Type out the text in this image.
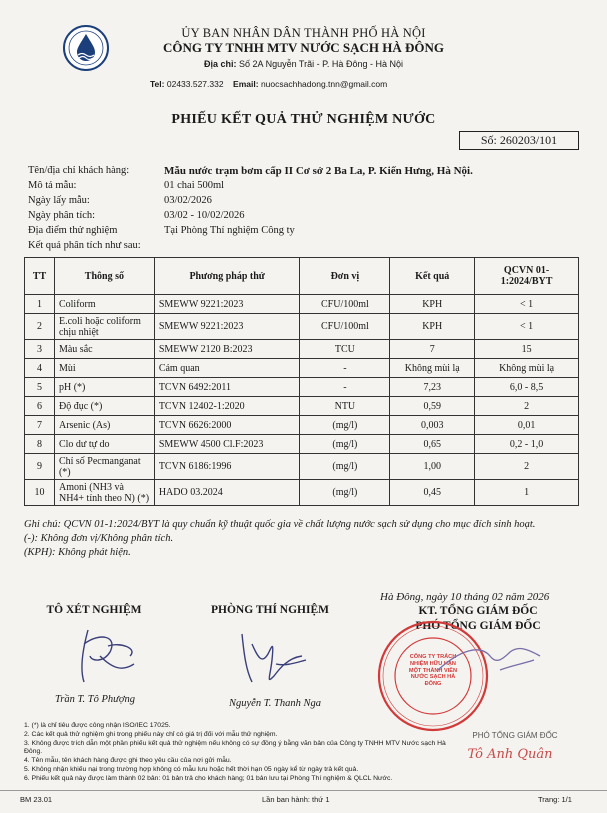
ỦY BAN NHÂN DÂN THÀNH PHỐ HÀ NỘI
CÔNG TY TNHH MTV NƯỚC SẠCH HÀ ĐÔNG
Địa chỉ: Số 2A Nguyễn Trãi - P. Hà Đông - Hà Nội
Tel: 02433.527.332 Email: nuocsachhadong.tnn@gmail.com
PHIẾU KẾT QUẢ THỬ NGHIỆM NƯỚC
Số: 260203/101
Tên/địa chỉ khách hàng:	Mẫu nước trạm bơm cấp II Cơ sở 2 Ba La, P. Kiến Hưng, Hà Nội.
Mô tả mẫu:	01 chai 500ml
Ngày lấy mẫu:	03/02/2026
Ngày phân tích:	03/02 - 10/02/2026
Địa điểm thử nghiệm	Tại Phòng Thí nghiệm Công ty
Kết quả phân tích như sau:
TT	Thông số	Phương pháp thử	Đơn vị	Kết quả	QCVN 01-1:2024/BYT
1	Coliform	SMEWW 9221:2023	CFU/100ml	KPH	< 1
2	E.coli hoặc coliform chịu nhiệt	SMEWW 9221:2023	CFU/100ml	KPH	< 1
3	Màu sắc	SMEWW 2120 B:2023	TCU	7	15
4	Mùi	Cảm quan	-	Không mùi lạ	Không mùi lạ
5	pH (*)	TCVN 6492:2011	-	7,23	6,0 - 8,5
6	Độ đục (*)	TCVN 12402-1:2020	NTU	0,59	2
7	Arsenic (As)	TCVN 6626:2000	(mg/l)	0,003	0,01
8	Clo dư tự do	SMEWW 4500 Cl.F:2023	(mg/l)	0,65	0,2 - 1,0
9	Chỉ số Pecmanganat (*)	TCVN 6186:1996	(mg/l)	1,00	2
10	Amoni (NH3 và NH4+ tính theo N) (*)	HADO 03.2024	(mg/l)	0,45	1
Ghi chú: QCVN 01-1:2024/BYT là quy chuẩn kỹ thuật quốc gia về chất lượng nước sạch sử dụng cho mục đích sinh hoạt.
(-): Không đơn vị/Không phân tích.
(KPH): Không phát hiện.
Hà Đông, ngày 10 tháng 02 năm 2026
TÔ XÉT NGHIỆM	PHÒNG THÍ NGHIỆM	KT. TỔNG GIÁM ĐỐC
PHÓ TỔNG GIÁM ĐỐC
CÔNG TY TRÁCH NHIỆM HỮU HẠN MỘT THÀNH VIÊN NƯỚC SẠCH HÀ ĐÔNG
Trần T. Tô Phượng	Nguyễn T. Thanh Nga
PHÓ TỔNG GIÁM ĐỐC
Tô Anh Quân
1. (*) là chỉ tiêu được công nhận ISO/IEC 17025.
2. Các kết quả thử nghiệm ghi trong phiếu này chỉ có giá trị đối với mẫu thử nghiệm.
3. Không được trích dẫn một phần phiếu kết quả thử nghiệm nếu không có sự đồng ý bằng văn bản của Công ty TNHH MTV Nước sạch Hà Đông.
4. Tên mẫu, tên khách hàng được ghi theo yêu cầu của nơi gửi mẫu.
5. Không nhận khiếu nại trong trường hợp không có mẫu lưu hoặc hết thời hạn 05 ngày kể từ ngày trả kết quả.
6. Phiếu kết quả này được làm thành 02 bản: 01 bản trả cho khách hàng; 01 bản lưu tại Phòng Thí nghiệm & QLCL Nước.
BM 23.01	Lần ban hành: thứ 1	Trang: 1/1
